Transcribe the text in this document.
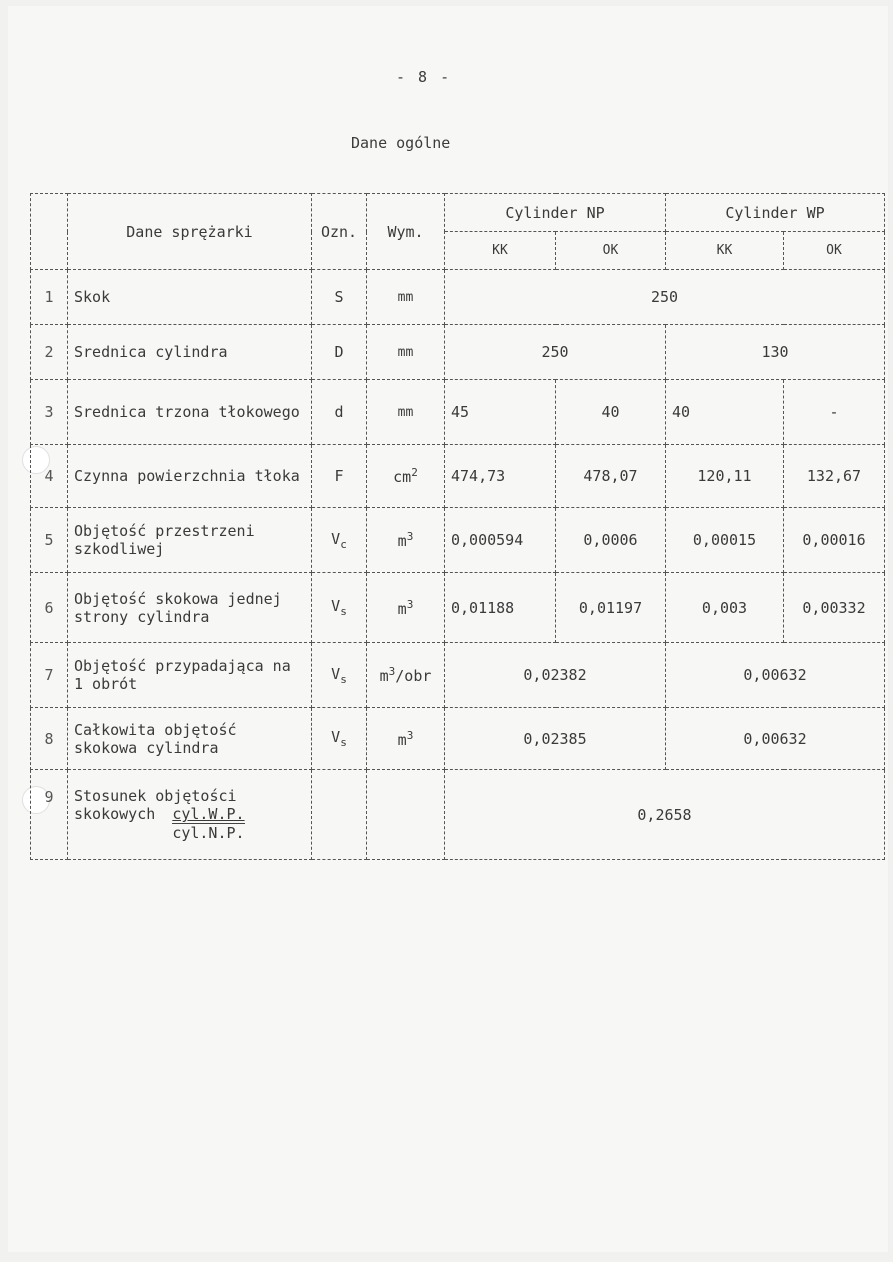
- 8 -
Dane ogólne
	Dane sprężarki	Ozn.	Wym.	Cylinder NP		Cylinder WP	
				KK	OK	KK	OK
1	Skok	S	mm	250			
2	Srednica cylindra	D	mm	250		130	
3	Srednica trzona tłokowego	d	mm	45	40	40	-
4	Czynna powierzchnia tłoka	F	$cm^2$	474,73	478,07	120,11	132,67
5	Objętość przestrzeni szkodliwej	$V_c$	$m^3$	0,000594	0,0006	0,00015	0,00016
6	Objętość skokowa jednej strony cylindra	$V_s$	$m^3$	0,01188	0,01197	0,003	0,00332
7	Objętość przypadająca na 1 obrót	$V_s$	$m^3$/obr	0,02382		0,00632	
8	Całkowita objętość skokowa cylindra	$V_s$	$m^3$	0,02385		0,00632	
9	Stosunek objętości skokowych $\frac{\text{cyl.W.P.}}{\text{cyl.N.P.}}$			0,2658			
